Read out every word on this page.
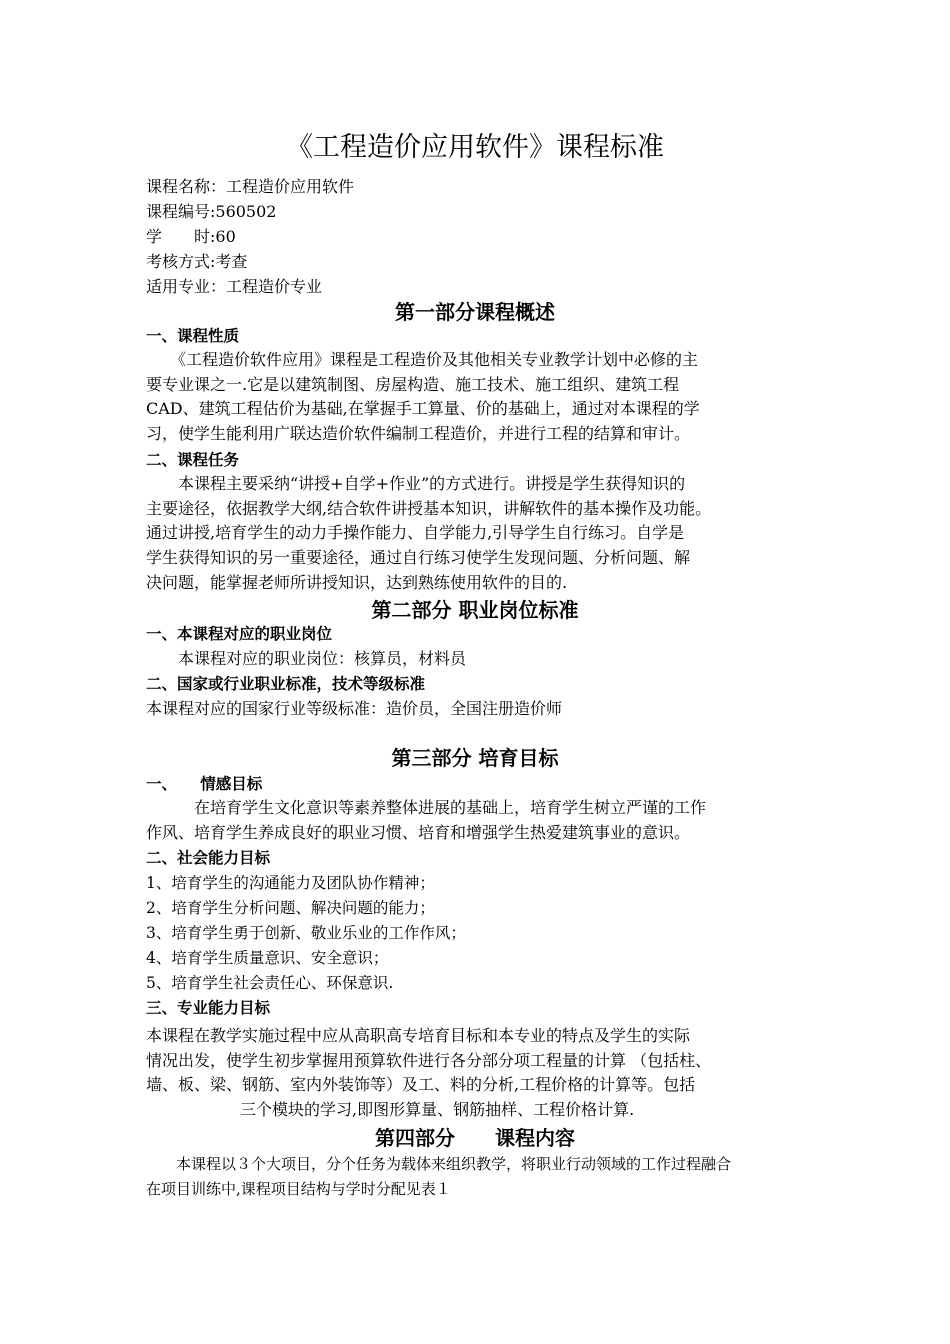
《工程造价应用软件》课程标准
课程名称：工程造价应用软件
课程编号:560502
学　　时:60
考核方式:考查
适用专业：工程造价专业
第一部分课程概述
一、课程性质
　　《工程造价软件应用》课程是工程造价及其他相关专业教学计划中必修的主
要专业课之一.它是以建筑制图、房屋构造、施工技术、施工组织、建筑工程
CAD、建筑工程估价为基础,在掌握手工算量、价的基础上，通过对本课程的学
习，使学生能利用广联达造价软件编制工程造价，并进行工程的结算和审计。
二、课程任务
　　本课程主要采纳“讲授+自学+作业”的方式进行。讲授是学生获得知识的
主要途径，依据教学大纲,结合软件讲授基本知识，讲解软件的基本操作及功能。
通过讲授,培育学生的动力手操作能力、自学能力,引导学生自行练习。自学是
学生获得知识的另一重要途径，通过自行练习使学生发现问题、分析问题、解
决问题，能掌握老师所讲授知识，达到熟练使用软件的目的.
第二部分 职业岗位标准
一、本课程对应的职业岗位
　　本课程对应的职业岗位：核算员，材料员
二、国家或行业职业标准，技术等级标准
本课程对应的国家行业等级标准：造价员，全国注册造价师
第三部分 培育目标
一、　　情感目标
　　　在培育学生文化意识等素养整体进展的基础上，培育学生树立严谨的工作
作风、培育学生养成良好的职业习惯、培育和增强学生热爱建筑事业的意识。
二、社会能力目标
1、培育学生的沟通能力及团队协作精神；
2、培育学生分析问题、解决问题的能力；
3、培育学生勇于创新、敬业乐业的工作作风；
4、培育学生质量意识、安全意识；
5、培育学生社会责任心、环保意识.
三、专业能力目标
本课程在教学实施过程中应从高职高专培育目标和本专业的特点及学生的实际
情况出发，使学生初步掌握用预算软件进行各分部分项工程量的计算 （包括柱、
墙、板、梁、钢筋、室内外装饰等）及工、料的分析,工程价格的计算等。包括
三个模块的学习,即图形算量、钢筋抽样、工程价格计算.
第四部分　　课程内容
　　本课程以３个大项目，分个任务为载体来组织教学，将职业行动领域的工作过程融合
在项目训练中,课程项目结构与学时分配见表１
